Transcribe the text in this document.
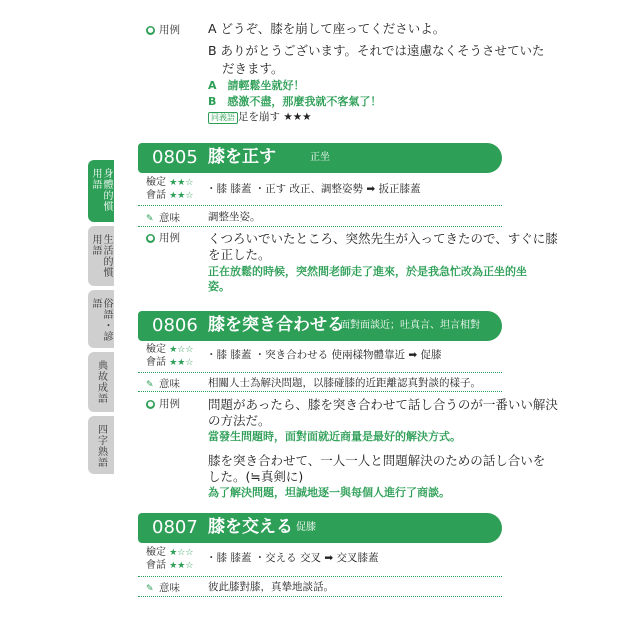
身體的慣用語
生活的慣用語
俗語・諺語
典故成語
四字熟語
● 用例 A どうぞ、膝を崩して座ってくださいよ。
B ありがとうございます。それでは遠慮なくそうさせていた
だきます。
A　請輕鬆坐就好！
B　感激不盡，那麼我就不客氣了！
同義語 足を崩す ★★★
0805 膝を正す	正坐
檢定 ★★☆
會話 ★★☆
・膝 膝蓋 ・正す 改正、調整姿勢 ➡ 扳正膝蓋
✎ 意味	調整坐姿。
● 用例 くつろいでいたところ、突然先生が入ってきたので、すぐに膝
を正した。
正在放鬆的時候，突然間老師走了進來，於是我急忙改為正坐的坐
姿。
0806 膝を突き合わせる
面對面談近；吐真言、坦言相對
檢定 ★☆☆
會話 ★★☆
・膝 膝蓋 ・突き合わせる 使兩樣物體靠近 ➡ 促膝
✎ 意味	相關人士為解決問題，以膝碰膝的近距離認真對談的樣子。
● 用例 問題があったら、膝を突き合わせて話し合うのが一番いい解決
の方法だ。
當發生問題時，面對面就近商量是最好的解決方式。
膝を突き合わせて、一人一人と問題解決のための話し合いを
した。(≒真剣に)
為了解決問題，坦誠地逐一與每個人進行了商談。
0807 膝を交える 促膝
檢定 ★☆☆
會話 ★★☆
・膝 膝蓋 ・交える 交叉 ➡ 交叉膝蓋
✎ 意味	彼此膝對膝，真摯地談話。
